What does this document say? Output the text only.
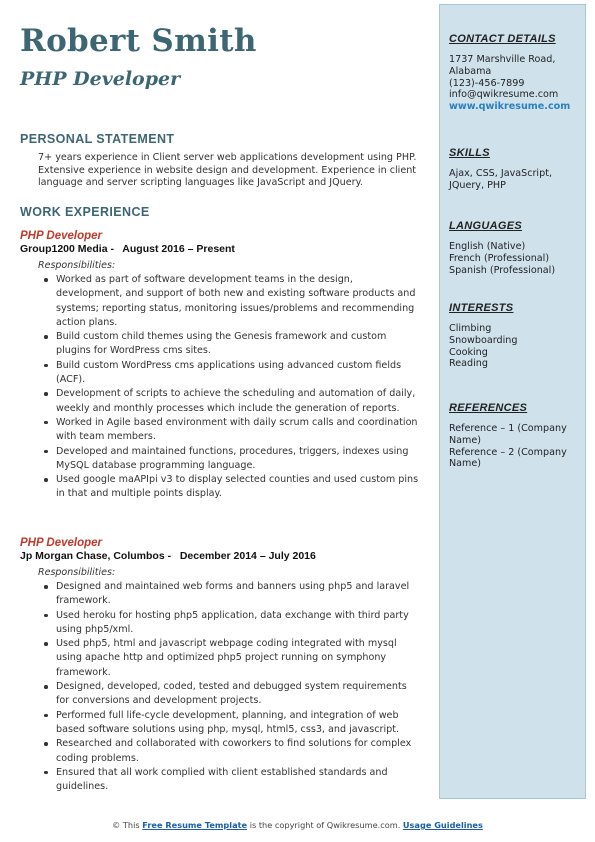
Robert Smith
PHP Developer
PERSONAL STATEMENT

7+ years experience in Client server web applications development using PHP. Extensive experience in website design and development. Experience in client language and server scripting languages like JavaScript and JQuery.

WORK EXPERIENCE

PHP Developer

Group1200 Media -   August 2016 – Present

Responsibilities:

Worked as part of software development teams in the design, development, and support of both new and existing software products and systems; reporting status, monitoring issues/problems and recommending action plans.
Build custom child themes using the Genesis framework and custom plugins for WordPress cms sites.
Build custom WordPress cms applications using advanced custom fields (ACF).
Development of scripts to achieve the scheduling and automation of daily, weekly and monthly processes which include the generation of reports.
Worked in Agile based environment with daily scrum calls and coordination with team members.
Developed and maintained functions, procedures, triggers, indexes using MySQL database programming language.
Used google maAPIpi v3 to display selected counties and used custom pins in that and multiple points display.

PHP Developer

Jp Morgan Chase, Columbos -   December 2014 – July 2016

Responsibilities:

Designed and maintained web forms and banners using php5 and laravel framework.
Used heroku for hosting php5 application, data exchange with third party using php5/xml.
Used php5, html and javascript webpage coding integrated with mysql using apache http and optimized php5 project running on symphony framework.
Designed, developed, coded, tested and debugged system requirements for conversions and development projects.
Performed full life-cycle development, planning, and integration of web based software solutions using php, mysql, html5, css3, and javascript.
Researched and collaborated with coworkers to find solutions for complex coding problems.
Ensured that all work complied with client established standards and guidelines.
CONTACT DETAILS
1737 Marshville Road,
Alabama
(123)-456-7899
info@qwikresume.com
www.qwikresume.com
SKILLS

Ajax, CSS, JavaScript, JQuery, PHP

LANGUAGES
English (Native)
French (Professional)
Spanish (Professional)
INTERESTS
Climbing
Snowboarding
Cooking
Reading
REFERENCES
Reference – 1 (Company Name)
Reference – 2 (Company Name)
© This Free Resume Template is the copyright of Qwikresume.com. Usage Guidelines
